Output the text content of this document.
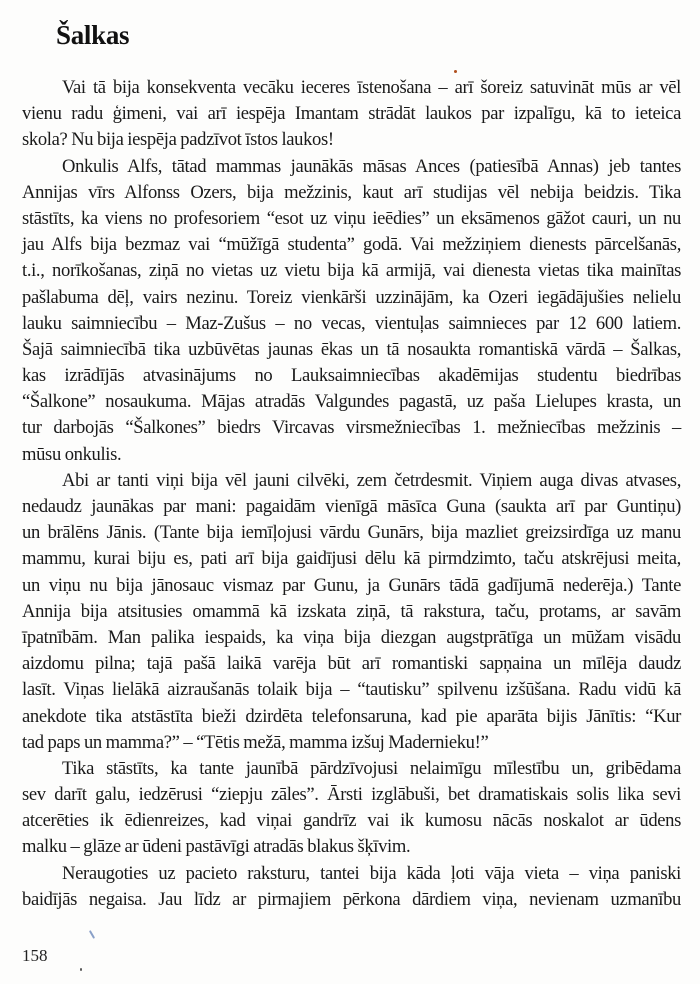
Šalkas
Vai tā bija konsekventa vecāku ieceres īstenošana – arī šoreiz satuvināt mūs ar vēl
vienu radu ģimeni, vai arī iespēja Imantam strādāt laukos par izpalīgu, kā to ieteica
skola? Nu bija iespēja padzīvot īstos laukos!
Onkulis Alfs, tātad mammas jaunākās māsas Ances (patiesībā Annas) jeb tantes
Annijas vīrs Alfonss Ozers, bija mežzinis, kaut arī studijas vēl nebija beidzis. Tika
stāstīts, ka viens no profesoriem “esot uz viņu ieēdies” un eksāmenos gāžot cauri, un nu
jau Alfs bija bezmaz vai “mūžīgā studenta” godā. Vai mežziņiem dienests pārcelšanās,
t.i., norīkošanas, ziņā no vietas uz vietu bija kā armijā, vai dienesta vietas tika mainītas
pašlabuma dēļ, vairs nezinu. Toreiz vienkārši uzzinājām, ka Ozeri iegādājušies nelielu
lauku saimniecību – Maz-Zušus – no vecas, vientuļas saimnieces par 12 600 latiem.
Šajā saimniecībā tika uzbūvētas jaunas ēkas un tā nosaukta romantiskā vārdā – Šalkas,
kas izrādījās atvasinājums no Lauksaimniecības akadēmijas studentu biedrības
“Šalkone” nosaukuma. Mājas atradās Valgundes pagastā, uz paša Lielupes krasta, un
tur darbojās “Šalkones” biedrs Vircavas virsmežniecības 1. mežniecības mežzinis –
mūsu onkulis.
Abi ar tanti viņi bija vēl jauni cilvēki, zem četrdesmit. Viņiem auga divas atvases,
nedaudz jaunākas par mani: pagaidām vienīgā māsīca Guna (saukta arī par Guntiņu)
un brālēns Jānis. (Tante bija iemīļojusi vārdu Gunārs, bija mazliet greizsirdīga uz manu
mammu, kurai biju es, pati arī bija gaidījusi dēlu kā pirmdzimto, taču atskrējusi meita,
un viņu nu bija jānosauc vismaz par Gunu, ja Gunārs tādā gadījumā nederēja.) Tante
Annija bija atsitusies omammā kā izskata ziņā, tā rakstura, taču, protams, ar savām
īpatnībām. Man palika iespaids, ka viņa bija diezgan augstprātīga un mūžam visādu
aizdomu pilna; tajā pašā laikā varēja būt arī romantiski sapņaina un mīlēja daudz
lasīt. Viņas lielākā aizraušanās tolaik bija – “tautisku” spilvenu izšūšana. Radu vidū kā
anekdote tika atstāstīta bieži dzirdēta telefonsaruna, kad pie aparāta bijis Jānītis: “Kur
tad paps un mamma?” – “Tētis mežā, mamma izšuj Madernieku!”
Tika stāstīts, ka tante jaunībā pārdzīvojusi nelaimīgu mīlestību un, gribēdama
sev darīt galu, iedzērusi “ziepju zāles”. Ārsti izglābuši, bet dramatiskais solis lika sevi
atcerēties ik ēdienreizes, kad viņai gandrīz vai ik kumosu nācās noskalot ar ūdens
malku – glāze ar ūdeni pastāvīgi atradās blakus šķīvim.
Neraugoties uz pacieto raksturu, tantei bija kāda ļoti vāja vieta – viņa paniski
baidījās negaisa. Jau līdz ar pirmajiem pērkona dārdiem viņa, nevienam uzmanību
158
